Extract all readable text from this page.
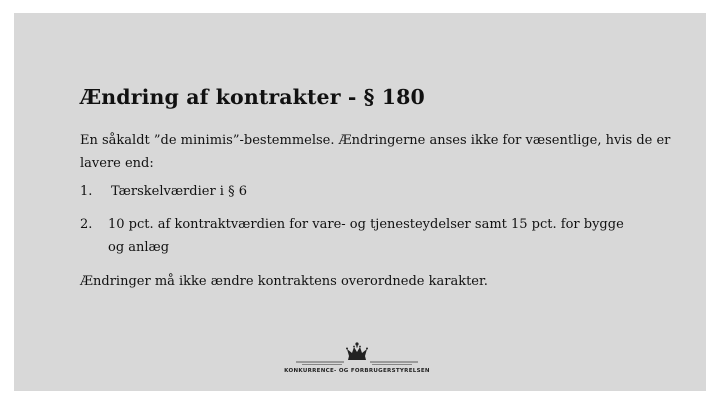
Ændring af kontrakter - § 180
En såkaldt ”de minimis”-bestemmelse. Ændringerne anses ikke for væsentlige, hvis de er lavere end:
1. Tærskelværdier i § 6
2. 10 pct. af kontraktværdien for vare- og tjenesteydelser samt 15 pct. for bygge og anlæg
Ændringer må ikke ændre kontraktens overordnede karakter.
KONKURRENCE- OG FORBRUGERSTYRELSEN
